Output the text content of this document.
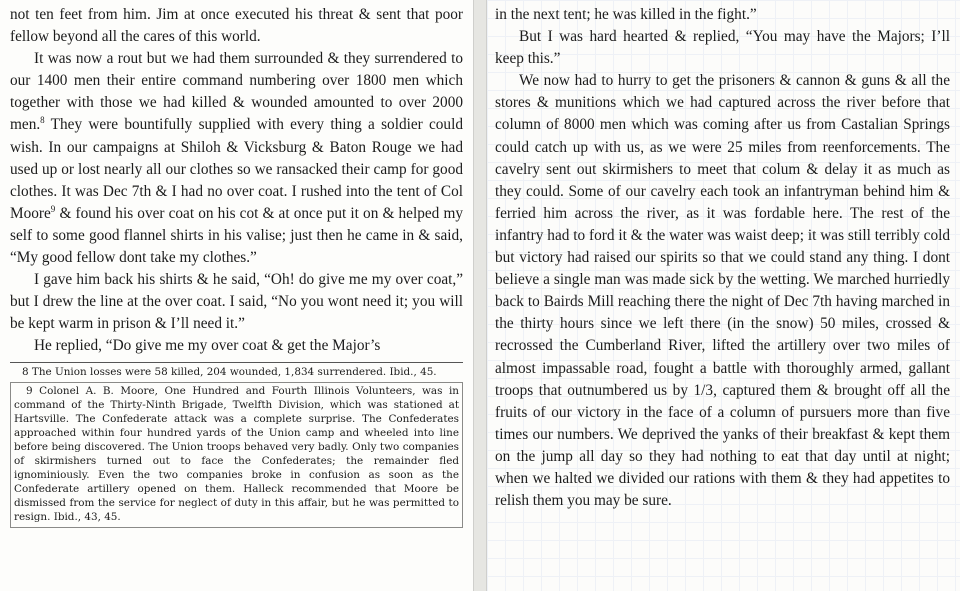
not ten feet from him. Jim at once executed his threat & sent that poor fellow beyond all the cares of this world.

It was now a rout but we had them surrounded & they surrendered to our 1400 men their entire command numbering over 1800 men which together with those we had killed & wounded amounted to over 2000 men.$^8$ They were bountifully supplied with every thing a soldier could wish. In our campaigns at Shiloh & Vicksburg & Baton Rouge we had used up or lost nearly all our clothes so we ransacked their camp for good clothes. It was Dec 7th & I had no over coat. I rushed into the tent of Col Moore$^9$ & found his over coat on his cot & at once put it on & helped my self to some good flannel shirts in his valise; just then he came in & said, “My good fellow dont take my clothes.”

I gave him back his shirts & he said, “Oh! do give me my over coat,” but I drew the line at the over coat. I said, “No you wont need it; you will be kept warm in prison & I’ll need it.”

He replied, “Do give me my over coat & get the Major’s

8 The Union losses were 58 killed, 204 wounded, 1,834 surrendered. Ibid., 45.

9 Colonel A. B. Moore, One Hundred and Fourth Illinois Volunteers, was in command of the Thirty-Ninth Brigade, Twelfth Division, which was stationed at Hartsville. The Confederate attack was a complete surprise. The Confederates approached within four hundred yards of the Union camp and wheeled into line before being discovered. The Union troops behaved very badly. Only two companies of skirmishers turned out to face the Confederates; the remainder fled ignominiously. Even the two companies broke in confusion as soon as the Confederate artillery opened on them. Halleck recommended that Moore be dismissed from the service for neglect of duty in this affair, but he was permitted to resign. Ibid., 43, 45.

in the next tent; he was killed in the fight.”

But I was hard hearted & replied, “You may have the Majors; I’ll keep this.”

We now had to hurry to get the prisoners & cannon & guns & all the stores & munitions which we had captured across the river before that column of 8000 men which was coming after us from Castalian Springs could catch up with us, as we were 25 miles from reenforcements. The cavelry sent out skirmishers to meet that colum & delay it as much as they could. Some of our cavelry each took an infantryman behind him & ferried him across the river, as it was fordable here. The rest of the infantry had to ford it & the water was waist deep; it was still terribly cold but victory had raised our spirits so that we could stand any thing. I dont believe a single man was made sick by the wetting. We marched hurriedly back to Bairds Mill reaching there the night of Dec 7th having marched in the thirty hours since we left there (in the snow) 50 miles, crossed & recrossed the Cumberland River, lifted the artillery over two miles of almost impassable road, fought a battle with thoroughly armed, gallant troops that outnumbered us by 1/3, captured them & brought off all the fruits of our victory in the face of a column of pursuers more than five times our numbers. We deprived the yanks of their breakfast & kept them on the jump all day so they had nothing to eat that day until at night; when we halted we divided our rations with them & they had appetites to relish them you may be sure.
